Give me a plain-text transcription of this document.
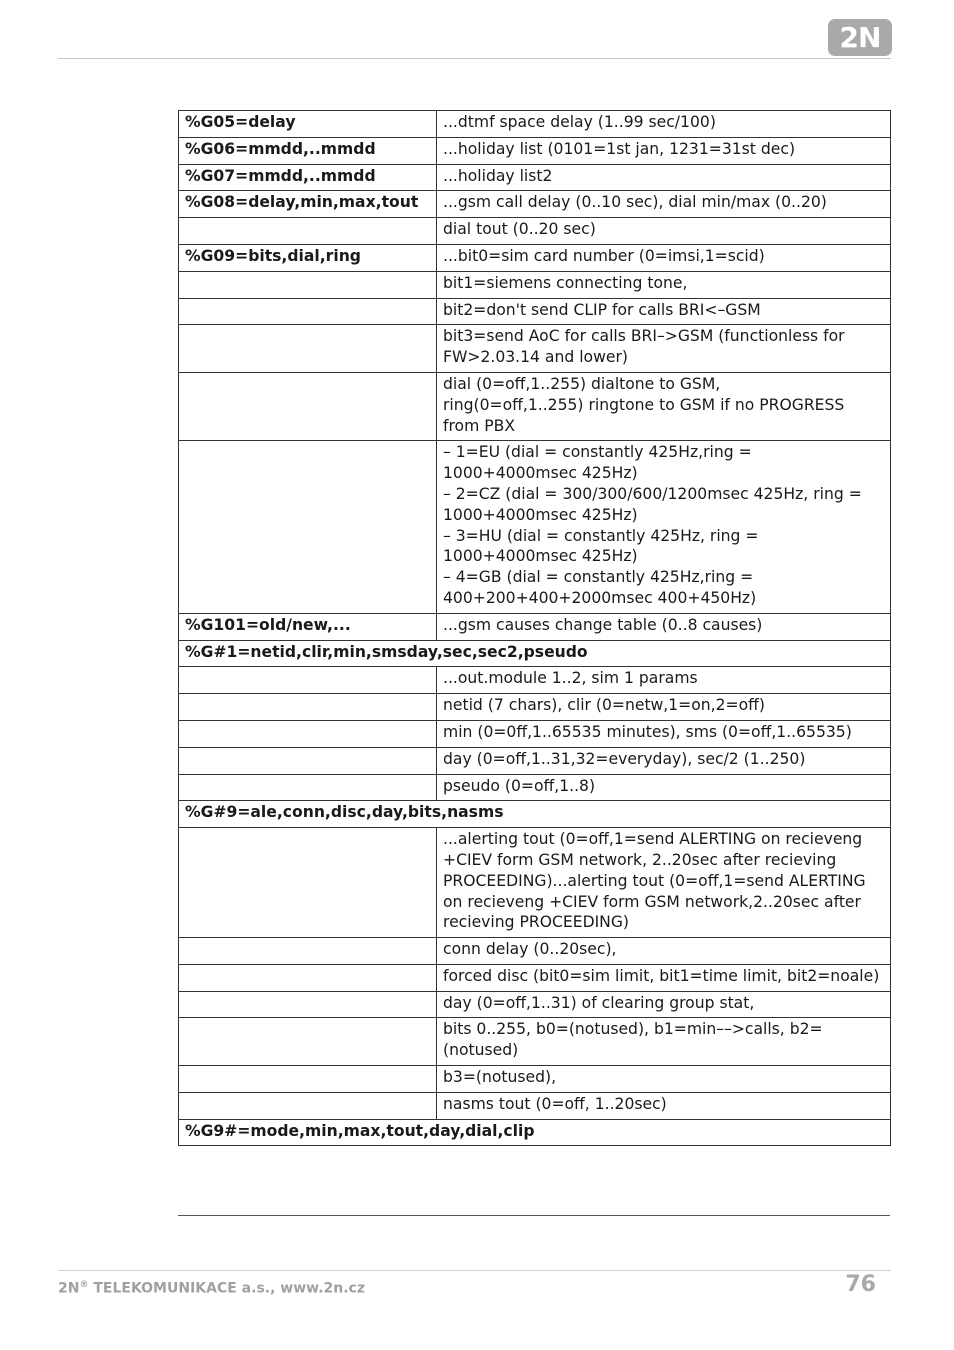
2N
%G05=delay	...dtmf space delay (1..99 sec/100)
%G06=mmdd,..mmdd	...holiday list (0101=1st jan, 1231=31st dec)
%G07=mmdd,..mmdd	...holiday list2
%G08=delay,min,max,tout	...gsm call delay (0..10 sec), dial min/max (0..20)
	dial tout (0..20 sec)
%G09=bits,dial,ring	...bit0=sim card number (0=imsi,1=scid)
	bit1=siemens connecting tone,
	bit2=don't send CLIP for calls BRI<–GSM
	bit3=send AoC for calls BRI–>GSM (functionless for FW>2.03.14 and lower)
	dial (0=off,1..255) dialtone to GSM,
ring(0=off,1..255) ringtone to GSM if no PROGRESS from PBX
	– 1=EU (dial = constantly 425Hz,ring = 1000+4000msec 425Hz)
– 2=CZ (dial = 300/300/600/1200msec 425Hz, ring = 1000+4000msec 425Hz)
– 3=HU (dial = constantly 425Hz, ring = 1000+4000msec 425Hz)
– 4=GB (dial = constantly 425Hz,ring = 400+200+400+2000msec 400+450Hz)
%G101=old/new,...	...gsm causes change table (0..8 causes)
%G#1=netid,clir,min,smsday,sec,sec2,pseudo	
	...out.module 1..2, sim 1 params
	netid (7 chars), clir (0=netw,1=on,2=off)
	min (0=0ff,1..65535 minutes), sms (0=off,1..65535)
	day (0=off,1..31,32=everyday), sec/2 (1..250)
	pseudo (0=off,1..8)
%G#9=ale,conn,disc,day,bits,nasms	
	...alerting tout (0=off,1=send ALERTING on recieveng +CIEV form GSM network, 2..20sec after recieving PROCEEDING)...alerting tout (0=off,1=send ALERTING on recieveng +CIEV form GSM network,2..20sec after recieving PROCEEDING)
	conn delay (0..20sec),
	forced disc (bit0=sim limit, bit1=time limit, bit2=noale)
	day (0=off,1..31) of clearing group stat,
	bits 0..255, b0=(notused), b1=min––>calls, b2=(notused)
	b3=(notused),
	nasms tout (0=off, 1..20sec)
%G9#=mode,min,max,tout,day,dial,clip	
2N® TELEKOMUNIKACE a.s., www.2n.cz	76
